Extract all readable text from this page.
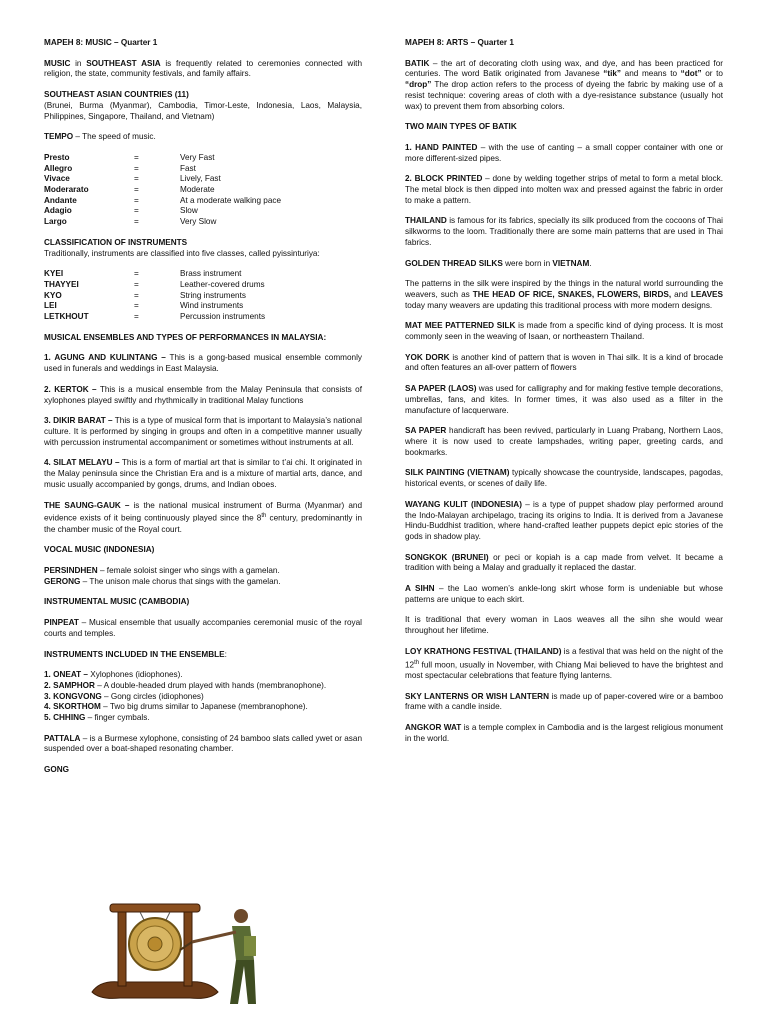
MAPEH 8: MUSIC – Quarter 1

MUSIC in SOUTHEAST ASIA is frequently related to ceremonies connected with religion, the state, community festivals, and family affairs.

SOUTHEAST ASIAN COUNTRIES (11)

(Brunei, Burma (Myanmar), Cambodia, Timor-Leste, Indonesia, Laos, Malaysia, Philippines, Singapore, Thailand, and Vietnam)

TEMPO – The speed of music.

Presto	=	Very Fast
Allegro	=	Fast
Vivace	=	Lively, Fast
Moderarato	=	Moderate
Andante	=	At a moderate walking pace
Adagio	=	Slow
Largo	=	Very Slow
CLASSIFICATION OF INSTRUMENTS

Traditionally, instruments are classified into five classes, called pyissinturiya:

KYEI	=	Brass instrument
THAYYEI	=	Leather-covered drums
KYO	=	String instruments
LEI	=	Wind instruments
LETKHOUT	=	Percussion instruments
MUSICAL ENSEMBLES AND TYPES OF PERFORMANCES IN MALAYSIA:

1. AGUNG AND KULINTANG – This is a gong-based musical ensemble commonly used in funerals and weddings in East Malaysia.

2. KERTOK – This is a musical ensemble from the Malay Peninsula that consists of xylophones played swiftly and rhythmically in traditional Malay functions

3. DIKIR BARAT – This is a type of musical form that is important to Malaysia’s national culture. It is performed by singing in groups and often in a competitive manner usually with percussion instrumental accompaniment or sometimes without instruments at all.

4. SILAT MELAYU – This is a form of martial art that is similar to t’ai chi. It originated in the Malay peninsula since the Christian Era and is a mixture of martial arts, dance, and music usually accompanied by gongs, drums, and Indian oboes.

THE SAUNG-GAUK – is the national musical instrument of Burma (Myanmar) and evidence exists of it being continuously played since the 8th century, predominantly in the chamber music of the Royal court.

VOCAL MUSIC (INDONESIA)

PERSINDHEN – female soloist singer who sings with a gamelan.

GERONG – The unison male chorus that sings with the gamelan.

INSTRUMENTAL MUSIC (CAMBODIA)

PINPEAT – Musical ensemble that usually accompanies ceremonial music of the royal courts and temples.

INSTRUMENTS INCLUDED IN THE ENSEMBLE:
1. ONEAT – Xylophones (idiophones).
2. SAMPHOR – A double-headed drum played with hands (membranophone).
3. KONGVONG – Gong circles (idiophones)
4. SKORTHOM – Two big drums similar to Japanese (membranophone).
5. CHHING – finger cymbals.

PATTALA – is a Burmese xylophone, consisting of 24 bamboo slats called ywet or asan suspended over a boat-shaped resonating chamber.

GONG
MAPEH 8: ARTS – Quarter 1

BATIK – the art of decorating cloth using wax, and dye, and has been practiced for centuries. The word Batik originated from Javanese “tik” and means to “dot” or to “drop” The drop action refers to the process of dyeing the fabric by making use of a resist technique: covering areas of cloth with a dye-resistance substance (usually hot wax) to prevent them from absorbing colors.

TWO MAIN TYPES OF BATIK

1. HAND PAINTED – with the use of canting – a small copper container with one or more different-sized pipes.

2. BLOCK PRINTED – done by welding together strips of metal to form a metal block. The metal block is then dipped into molten wax and pressed against the fabric in order to make a pattern.

THAILAND is famous for its fabrics, specially its silk produced from the cocoons of Thai silkworms to the loom. Traditionally there are some main patterns that are used in Thai fabrics.

GOLDEN THREAD SILKS were born in VIETNAM.

The patterns in the silk were inspired by the things in the natural world surrounding the weavers, such as THE HEAD OF RICE, SNAKES, FLOWERS, BIRDS, and LEAVES today many weavers are updating this traditional process with more modern designs.

MAT MEE PATTERNED SILK is made from a specific kind of dying process. It is most commonly seen in the weaving of Isaan, or northeastern Thailand.

YOK DORK is another kind of pattern that is woven in Thai silk. It is a kind of brocade and often features an all-over pattern of flowers

SA PAPER (LAOS) was used for calligraphy and for making festive temple decorations, umbrellas, fans, and kites. In former times, it was also used as a filter in the manufacture of lacquerware.

SA PAPER handicraft has been revived, particularly in Luang Prabang, Northern Laos, where it is now used to create lampshades, writing paper, greeting cards, and bookmarks.

SILK PAINTING (VIETNAM) typically showcase the countryside, landscapes, pagodas, historical events, or scenes of daily life.

WAYANG KULIT (INDONESIA) – is a type of puppet shadow play performed around the Indo-Malayan archipelago, tracing its origins to India. It is derived from a Javanese Hindu-Buddhist tradition, where hand-crafted leather puppets depict epic stories of the gods in shadow play.

SONGKOK (BRUNEI) or peci or kopiah is a cap made from velvet. It became a tradition with being a Malay and gradually it replaced the dastar.

A SIHN – the Lao women’s ankle-long skirt whose form is undeniable but whose patterns are unique to each skirt.

It is traditional that every woman in Laos weaves all the sihn she would wear throughout her lifetime.

LOY KRATHONG FESTIVAL (THAILAND) is a festival that was held on the night of the 12th full moon, usually in November, with Chiang Mai believed to have the brightest and most spectacular celebrations that feature flying lanterns.

SKY LANTERNS OR WISH LANTERN is made up of paper-covered wire or a bamboo frame with a candle inside.

ANGKOR WAT is a temple complex in Cambodia and is the largest religious monument in the world.
